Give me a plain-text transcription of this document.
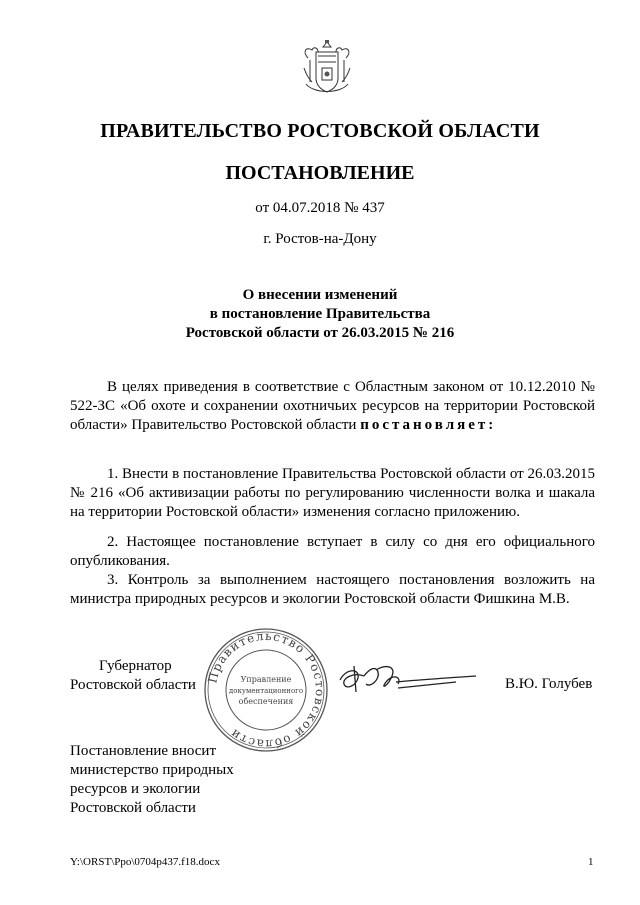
ПРАВИТЕЛЬСТВО РОСТОВСКОЙ ОБЛАСТИ
ПОСТАНОВЛЕНИЕ
от 04.07.2018 № 437
г. Ростов-на-Дону
О внесении изменений
в постановление Правительства
Ростовской области от 26.03.2015 № 216

В целях приведения в соответствие с Областным законом от 10.12.2010 № 522-ЗС «Об охоте и сохранении охотничьих ресурсов на территории Ростовской области» Правительство Ростовской области постановляет:

1. Внести в постановление Правительства Ростовской области от 26.03.2015 № 216 «Об активизации работы по регулированию численности волка и шакала на территории Ростовской области» изменения согласно приложению.

2. Настоящее постановление вступает в силу со дня его официального опубликования.

3. Контроль за выполнением настоящего постановления возложить на министра природных ресурсов и экологии Ростовской области Фишкина М.В.

Губернатор
Ростовской области Правительство Ростовской области
Управление
документационного
обеспечения
В.Ю. Голубев
Постановление вносит
министерство природных
ресурсов и экологии
Ростовской области
Y:\ORST\Ppo\0704p437.f18.docx	1
